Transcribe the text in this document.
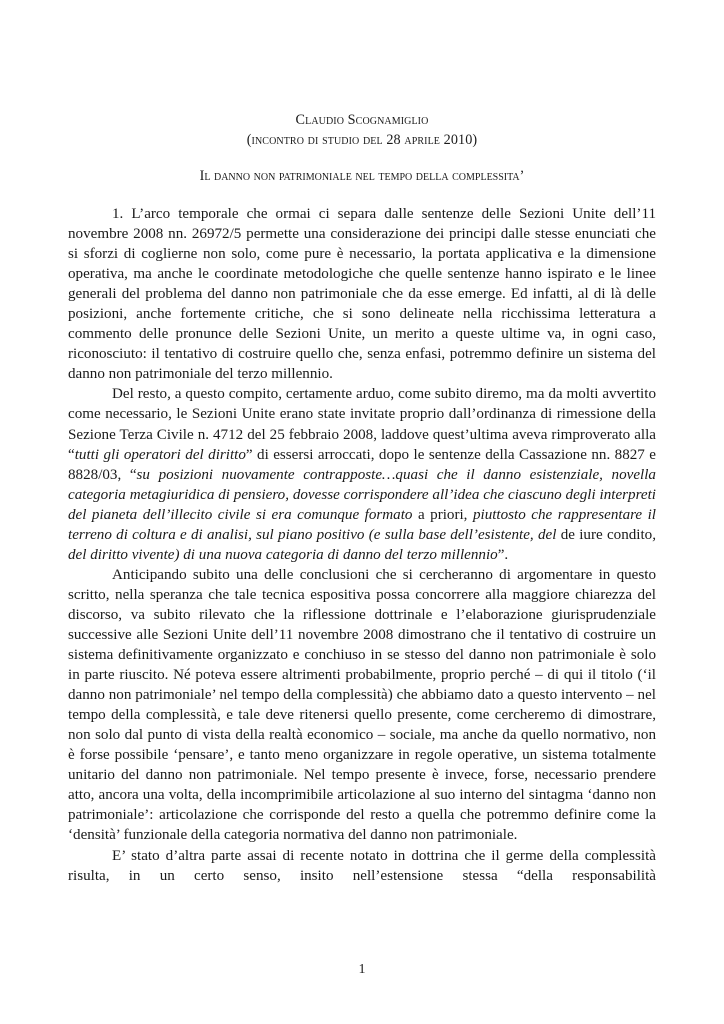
Claudio Scognamiglio
(incontro di studio del 28 aprile 2010)
Il danno non patrimoniale nel tempo della complessita’

1. L’arco temporale che ormai ci separa dalle sentenze delle Sezioni Unite dell’11 novembre 2008 nn. 26972/5 permette una considerazione dei principi dalle stesse enunciati che si sforzi di coglierne non solo, come pure è necessario, la portata applicativa e la dimensione operativa, ma anche le coordinate metodologiche che quelle sentenze hanno ispirato e le linee generali del problema del danno non patrimoniale che da esse emerge. Ed infatti, al di là delle posizioni, anche fortemente critiche, che si sono delineate nella ricchissima letteratura a commento delle pronunce delle Sezioni Unite, un merito a queste ultime va, in ogni caso, riconosciuto: il tentativo di costruire quello che, senza enfasi, potremmo definire un sistema del danno non patrimoniale del terzo millennio.

Del resto, a questo compito, certamente arduo, come subito diremo, ma da molti avvertito come necessario, le Sezioni Unite erano state invitate proprio dall’ordinanza di rimessione della Sezione Terza Civile n. 4712 del 25 febbraio 2008, laddove quest’ultima aveva rimproverato alla “tutti gli operatori del diritto” di essersi arroccati, dopo le sentenze della Cassazione nn. 8827 e 8828/03, “su posizioni nuovamente contrapposte…quasi che il danno esistenziale, novella categoria metagiuridica di pensiero, dovesse corrispondere all’idea che ciascuno degli interpreti del pianeta dell’illecito civile si era comunque formato a priori, piuttosto che rappresentare il terreno di coltura e di analisi, sul piano positivo (e sulla base dell’esistente, del de iure condito, del diritto vivente) di una nuova categoria di danno del terzo millennio”.

Anticipando subito una delle conclusioni che si cercheranno di argomentare in questo scritto, nella speranza che tale tecnica espositiva possa concorrere alla maggiore chiarezza del discorso, va subito rilevato che la riflessione dottrinale e l’elaborazione giurisprudenziale successive alle Sezioni Unite dell’11 novembre 2008 dimostrano che il tentativo di costruire un sistema definitivamente organizzato e conchiuso in se stesso del danno non patrimoniale è solo in parte riuscito. Né poteva essere altrimenti probabilmente, proprio perché – di qui il titolo (‘il danno non patrimoniale’ nel tempo della complessità) che abbiamo dato a questo intervento – nel tempo della complessità, e tale deve ritenersi quello presente, come cercheremo di dimostrare, non solo dal punto di vista della realtà economico – sociale, ma anche da quello normativo, non è forse possibile ‘pensare’, e tanto meno organizzare in regole operative, un sistema totalmente unitario del danno non patrimoniale. Nel tempo presente è invece, forse, necessario prendere atto, ancora una volta, della incomprimibile articolazione al suo interno del sintagma ‘danno non patrimoniale’: articolazione che corrisponde del resto a quella che potremmo definire come la ‘densità’ funzionale della categoria normativa del danno non patrimoniale.

E’ stato d’altra parte assai di recente notato in dottrina che il germe della complessità risulta, in un certo senso, insito nell’estensione stessa “della responsabilità

1
